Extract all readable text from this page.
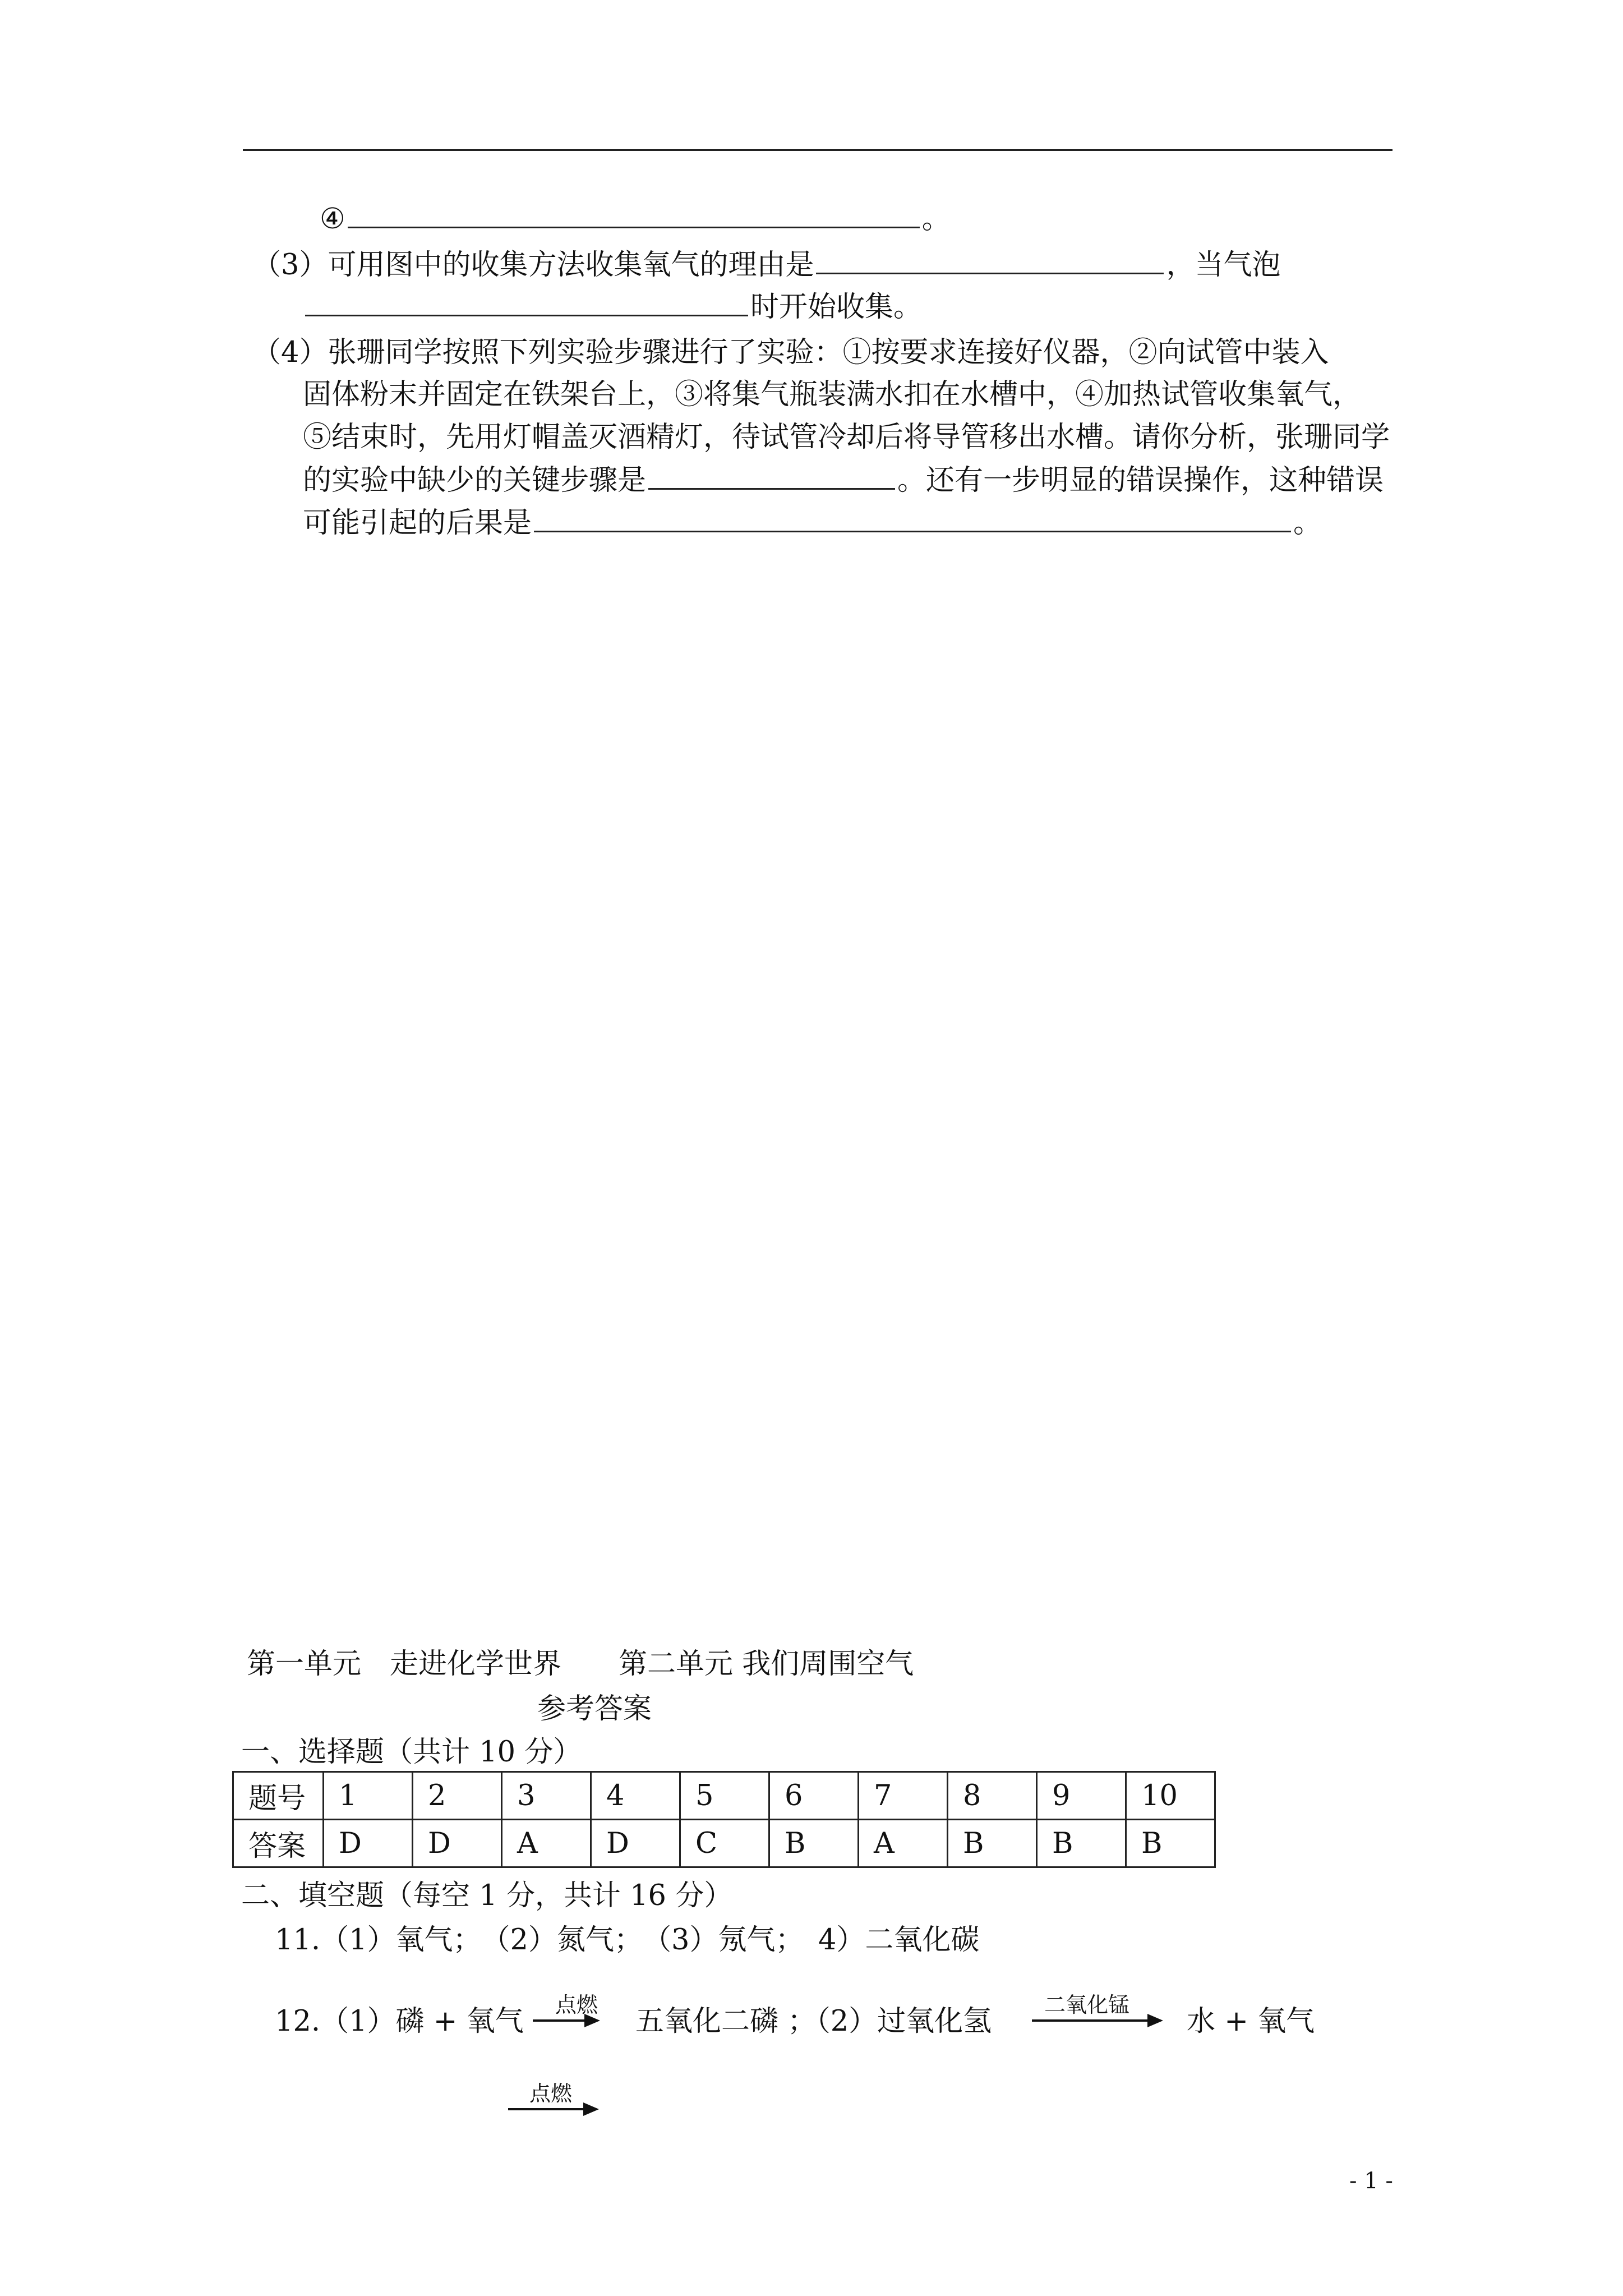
④	。
（3）可用图中的收集方法收集氧气的理由是	，当气泡
时开始收集。
（4）张珊同学按照下列实验步骤进行了实验：①按要求连接好仪器，②向试管中装入
固体粉末并固定在铁架台上，③将集气瓶装满水扣在水槽中，④加热试管收集氧气，
⑤结束时，先用灯帽盖灭酒精灯，待试管冷却后将导管移出水槽。请你分析，张珊同学
的实验中缺少的关键步骤是	。还有一步明显的错误操作，这种错误
可能引起的后果是	。
第一单元　走进化学世界　　第二单元 我们周围空气
参考答案
一、选择题（共计 10 分）
题号	1	2	3	4	5	6	7	8	9	10
答案	D	D	A	D	C	B	A	B	B	B
二、填空题（每空 1 分，共计 16 分）
11.（1）氧气；　（2）氮气；　（3）氖气；　4）二氧化碳
12.（1）磷 + 氧气 点燃 五氧化二磷 ；（2）过氧化氢 二氧化锰 水 + 氧气
点燃
- 1 -
